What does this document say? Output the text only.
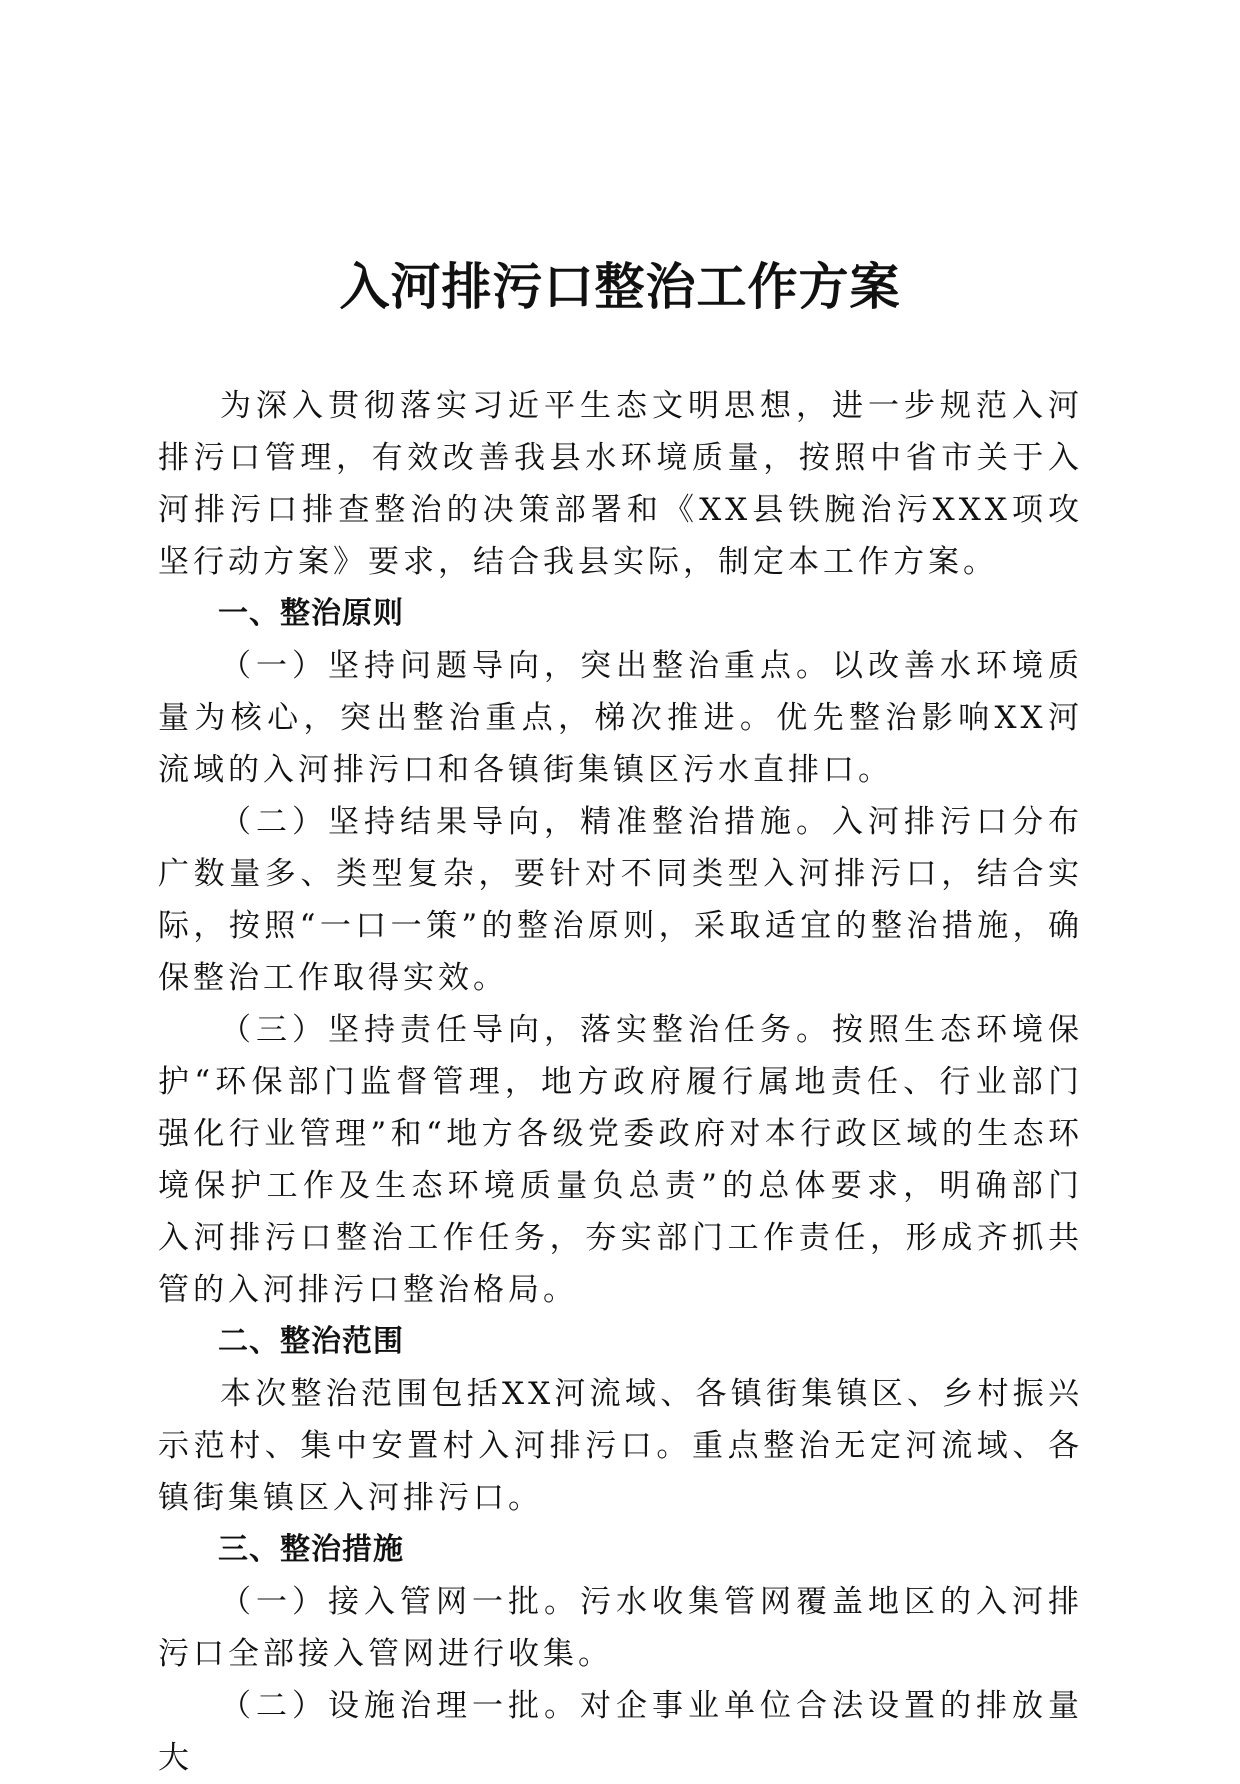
入河排污口整治工作方案

为深入贯彻落实习近平生态文明思想，进一步规范入河排污口管理，有效改善我县水环境质量，按照中省市关于入河排污口排查整治的决策部署和《XX县铁腕治污XXX项攻坚行动方案》要求，结合我县实际，制定本工作方案。

一、整治原则

（一）坚持问题导向，突出整治重点。以改善水环境质量为核心，突出整治重点，梯次推进。优先整治影响XX河流域的入河排污口和各镇街集镇区污水直排口。

（二）坚持结果导向，精准整治措施。入河排污口分布广数量多、类型复杂，要针对不同类型入河排污口，结合实际，按照“一口一策”的整治原则，采取适宜的整治措施，确保整治工作取得实效。

（三）坚持责任导向，落实整治任务。按照生态环境保护“环保部门监督管理，地方政府履行属地责任、行业部门强化行业管理”和“地方各级党委政府对本行政区域的生态环境保护工作及生态环境质量负总责”的总体要求，明确部门入河排污口整治工作任务，夯实部门工作责任，形成齐抓共管的入河排污口整治格局。

二、整治范围

本次整治范围包括XX河流域、各镇街集镇区、乡村振兴示范村、集中安置村入河排污口。重点整治无定河流域、各镇街集镇区入河排污口。

三、整治措施

（一）接入管网一批。污水收集管网覆盖地区的入河排污口全部接入管网进行收集。

（二）设施治理一批。对企事业单位合法设置的排放量大
